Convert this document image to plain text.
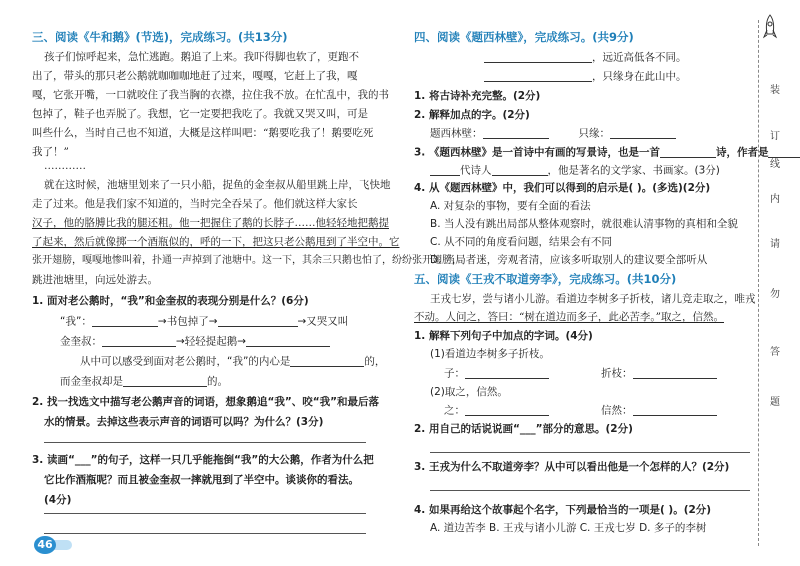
三、阅读《牛和鹅》(节选)，完成练习。(共13分)
孩子们惊呼起来，急忙逃跑。鹅追了上来。我吓得脚也软了，更跑不
出了，带头的那只老公鹅就咖咖咖地赶了过来，嘎嘎，它赶上了我，嘎
嘎，它张开嘴，一口就咬住了我当胸的衣襟，拉住我不放。在忙乱中，我的书
包掉了，鞋子也弄脱了。我想，它一定要把我吃了。我就又哭又叫，可是
叫些什么，当时自己也不知道，大概是这样叫吧：“鹅要吃我了！鹅要吃死
我了！”
…………
就在这时候，池塘里划来了一只小船，捉鱼的金奎叔从船里跳上岸，飞快地
走了过来。他是我们家不知道的，当时完全吞呆了。他们就这样大家长
汉子，他的胳膊比我的腿还粗。他一把握住了鹅的长脖子……他轻轻地把鹅提
了起来，然后就像掷一个酒瓶似的，呼的一下，把这只老公鹅甩到了半空中。它
张开翅膀，嘎嘎地惨叫着，扑通一声掉到了池塘中。这一下，其余三只鹅也怕了，纷纷张开翅膀，
跳进池塘里，向远处游去。
1. 面对老公鹅时，“我”和金奎叔的表现分别是什么？(6分)
“我”：	→书包掉了→	→又哭又叫
金奎叔：	→轻轻提起鹅→
从中可以感受到面对老公鹅时，“我”的内心是	的，
而金奎叔却是	的。
2. 找一找选文中描写老公鹅声音的词语，想象鹅追“我”、咬“我”和最后落
水的情景。去掉这些表示声音的词语可以吗？为什么？(3分)
3. 读画“___”的句子，这样一只几乎能拖倒“我”的大公鹅，作者为什么把
它比作酒瓶呢？而且被金奎叔一摔就甩到了半空中。谈谈你的看法。
(4分)
46
四、阅读《题西林壁》，完成练习。(共9分)
，远近高低各不同。
，只缘身在此山中。
1. 将古诗补充完整。(2分)
2. 解释加点的字。(2分)
题西林壁：	只缘：
3. 《题西林壁》是一首诗中有画的写景诗，也是一首	诗，作者是
代诗人	，他是著名的文学家、书画家。(3分)
4. 从《题西林壁》中，我们可以得到的启示是( )。(多选)(2分)
A. 对复杂的事物，要有全面的看法
B. 当人没有跳出局部从整体观察时，就很难认清事物的真相和全貌
C. 从不同的角度看问题，结果会有不同
D. 当局者迷，旁观者清，应该多听取别人的建议要全部听从
五、阅读《王戎不取道旁李》，完成练习。(共10分)
王戎七岁，尝与诸小儿游。看道边李树多子折枝，诸儿竞走取之，唯戎
不动。人问之，答曰：“树在道边而多子，此必苦李。”取之，信然。
1. 解释下列句子中加点的字词。(4分)
(1)看道边李树多子折枝。
子：	折枝：
(2)取之，信然。
之：	信然：
2. 用自己的话说说画“___”部分的意思。(2分)
3. 王戎为什么不取道旁李？从中可以看出他是一个怎样的人？(2分)
4. 如果再给这个故事起个名字，下列最恰当的一项是( )。(2分)
A. 道边苦李 B. 王戎与诸小儿游 C. 王戎七岁 D. 多子的李树
装
订
线
内
请
勿
答
题
